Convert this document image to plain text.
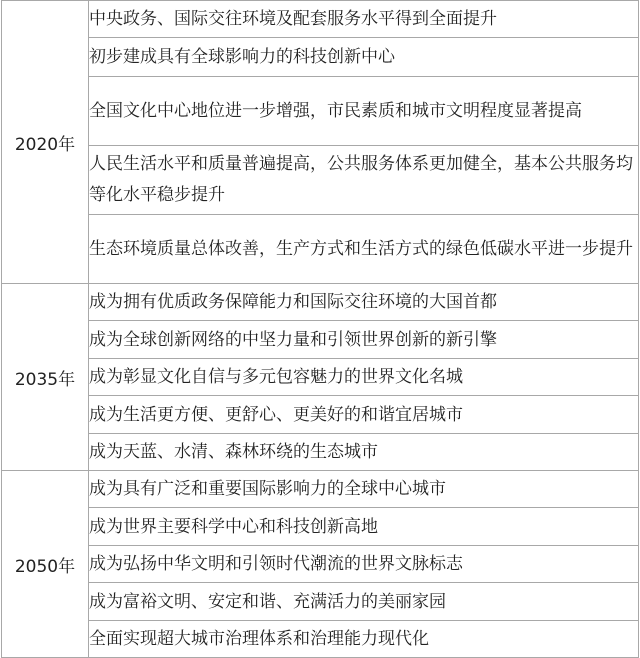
2020年	中央政务、国际交往环境及配套服务水平得到全面提升

	初步建成具有全球影响力的科技创新中心

	全国文化中心地位进一步增强，市民素质和城市文明程度显著提高

	人民生活水平和质量普遍提高，公共服务体系更加健全，基本公共服务均等化水平稳步提升

	生态环境质量总体改善，生产方式和生活方式的绿色低碳水平进一步提升

2035年	成为拥有优质政务保障能力和国际交往环境的大国首都

	成为全球创新网络的中坚力量和引领世界创新的新引擎

	成为彰显文化自信与多元包容魅力的世界文化名城

	成为生活更方便、更舒心、更美好的和谐宜居城市

	成为天蓝、水清、森林环绕的生态城市

2050年	成为具有广泛和重要国际影响力的全球中心城市

	成为世界主要科学中心和科技创新高地

	成为弘扬中华文明和引领时代潮流的世界文脉标志

	成为富裕文明、安定和谐、充满活力的美丽家园

	全面实现超大城市治理体系和治理能力现代化
